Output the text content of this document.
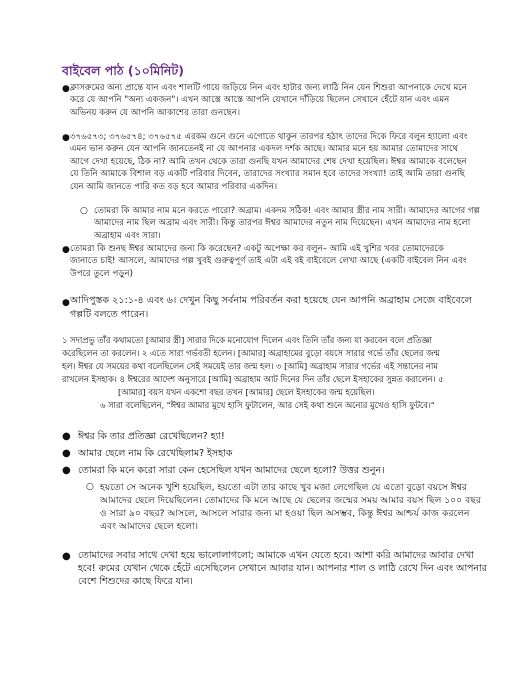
বাইবেল পাঠ (১০মিনিট)
● ক্লাসরুমের অন্য প্রান্তে যান এবং শালটি গায়ে জড়িয়ে নিন এবং হাটার জন্য লাঠি নিন যেন শিশুরা আপনাকে দেখে মনে করে যে আপনি "অন্য একজন"। এখন আস্তে আস্তে আপনি যেখানে দাঁড়িয়ে ছিলেন সেখানে হেঁটে যান এবং এমন অভিনয় করুন যে আপনি আকাশের তারা গুনছেন।
● ৩৭৬৫৭৩; ৩৭৬৫৭৪; ৩৭৬৫৭৫ এরকম গুনে গুনে এগোতে থাকুন তারপর হঠাৎ তাদের দিকে ফিরে বলুন হ্যালো এবং এমন ভান করুন যেন আপনি জানতেনই না যে আপনার একদল দর্শক আছে। আমার মনে হয় আমার তোমাদের সাথে আগে দেখা হয়েছে, ঠিক না? আমি তখন থেকে তারা গুনছি যখন আমাদের শেষ দেখা হয়েছিল। ঈশ্বর আমাকে বলেছেন যে তিনি আমাকে বিশাল বড় একটি পরিবার দিবেন, তারাদের সংখ্যার সমান হবে তাদের সংখ্যা! তাই আমি তারা গুনছি যেন আমি জানতে পারি কত বড় হবে আমার পরিবার একদিন।
○ তোমরা কি আমার নাম মনে করতে পারো? অব্রাম। একদম সঠিক! এবং আমার স্ত্রীর নাম সারী। আমাদের আগের গল্প আমাদের নাম ছিল অব্রাম এবং সারী। কিন্তু তারপর ঈশ্বর আমাদের নতুন নাম দিয়েছেন। এখন আমাদের নাম হলো অব্রাহাম এবং সারা।
● তোমরা কি শুনছ ঈশ্বর আমাদের জন্য কি করেছেন? একটু অপেক্ষা কর বলুন– আমি এই খুশির খবর তোমাদেরকে জানাতে চাই! আসলে, আমাদের গল্প খুবই গুরুত্বপূর্ণ তাই এটা এই বই বাইবেলে লেখা আছে (একটি বাইবেল নিন এবং উপরে তুলে পড়ুন)
● আদিপুস্তক ২১:১-৪ এবং ৬। দেখুন কিছু সর্বনাম পরিবর্তন করা হয়েছে যেন আপনি অব্রাহাম সেজে বাইবেলে গল্পটি বলতে পারেন।
১ সদাপ্রভু তাঁর কথামতো [আমার স্ত্রী] সারার দিকে মনোযোগ দিলেন এবং তিনি তাঁর জন্য যা করবেন বলে প্রতিজ্ঞা
করেছিলেন তা করলেন। ২ এতে সারা গর্ভবতী হলেন। [আমার] অব্রাহামের বুড়ো বয়সে সারার গর্ভে তাঁর ছেলের জন্ম
হল। ঈশ্বর যে সময়ের কথা বলেছিলেন সেই সময়েই তার জন্ম হল। ৩ [আমি] অব্রাহাম সারার গর্ভের এই সন্তানের নাম
রাখলেন ইসহাক। ৪ ঈশ্বরের আদেশ অনুসারে [আমি] অব্রাহাম আট দিনের দিন তাঁর ছেলে ইসহাকের সুন্নত করালেন। ৫
[আমার] বয়স যখন একশো বছর তখন [আমার] ছেলে ইসহাকের জন্ম হয়েছিল।
৬ সারা বলেছিলেন, "ঈশ্বর আমার মুখে হাসি ফুটালেন, আর সেই কথা শুনে অন্যের মুখেও হাসি ফুটবে।"
● ঈশ্বর কি তার প্রতিজ্ঞা রেখেছিলেন? হ্যা!
● আমার ছেলে নাম কি রেখেছিলাম? ইসহাক
● তোমরা কি মনে করো সারা কেন হেসেছিল যখন আমাদের ছেলে হলো? উত্তর শুনুন।
○ হয়তো সে অনেক খুশি হয়েছিল, হয়তো এটা তার কাছে খুব মজা লেগেছিল যে এতো বুড়ো বয়সে ঈশ্বর আমাদের ছেলে দিয়েছিলেন। তোমাদের কি মনে আছে যে ছেলের জন্মের সময় আমার বয়স ছিল ১০০ বছর ও সারা ৯০ বছর? আসলে, আসলে সারার জন্য মা হওয়া ছিল অসম্ভব, কিন্তু ঈশ্বর আশ্চর্য কাজ করলেন এবং আমাদের ছেলে হলো।
● তোমাদের সবার সাথে দেখা হয়ে ভালোলাগলো; আমাকে এখন যেতে হবে। আশা করি আমাদের আবার দেখা হবে! রুমের যেখান থেকে হেঁটে এসেছিলেন সেখানে আবার যান। আপনার শাল ও লাঠি রেখে দিন এবং আপনার বেশে শিশুদের কাছে ফিরে যান।
